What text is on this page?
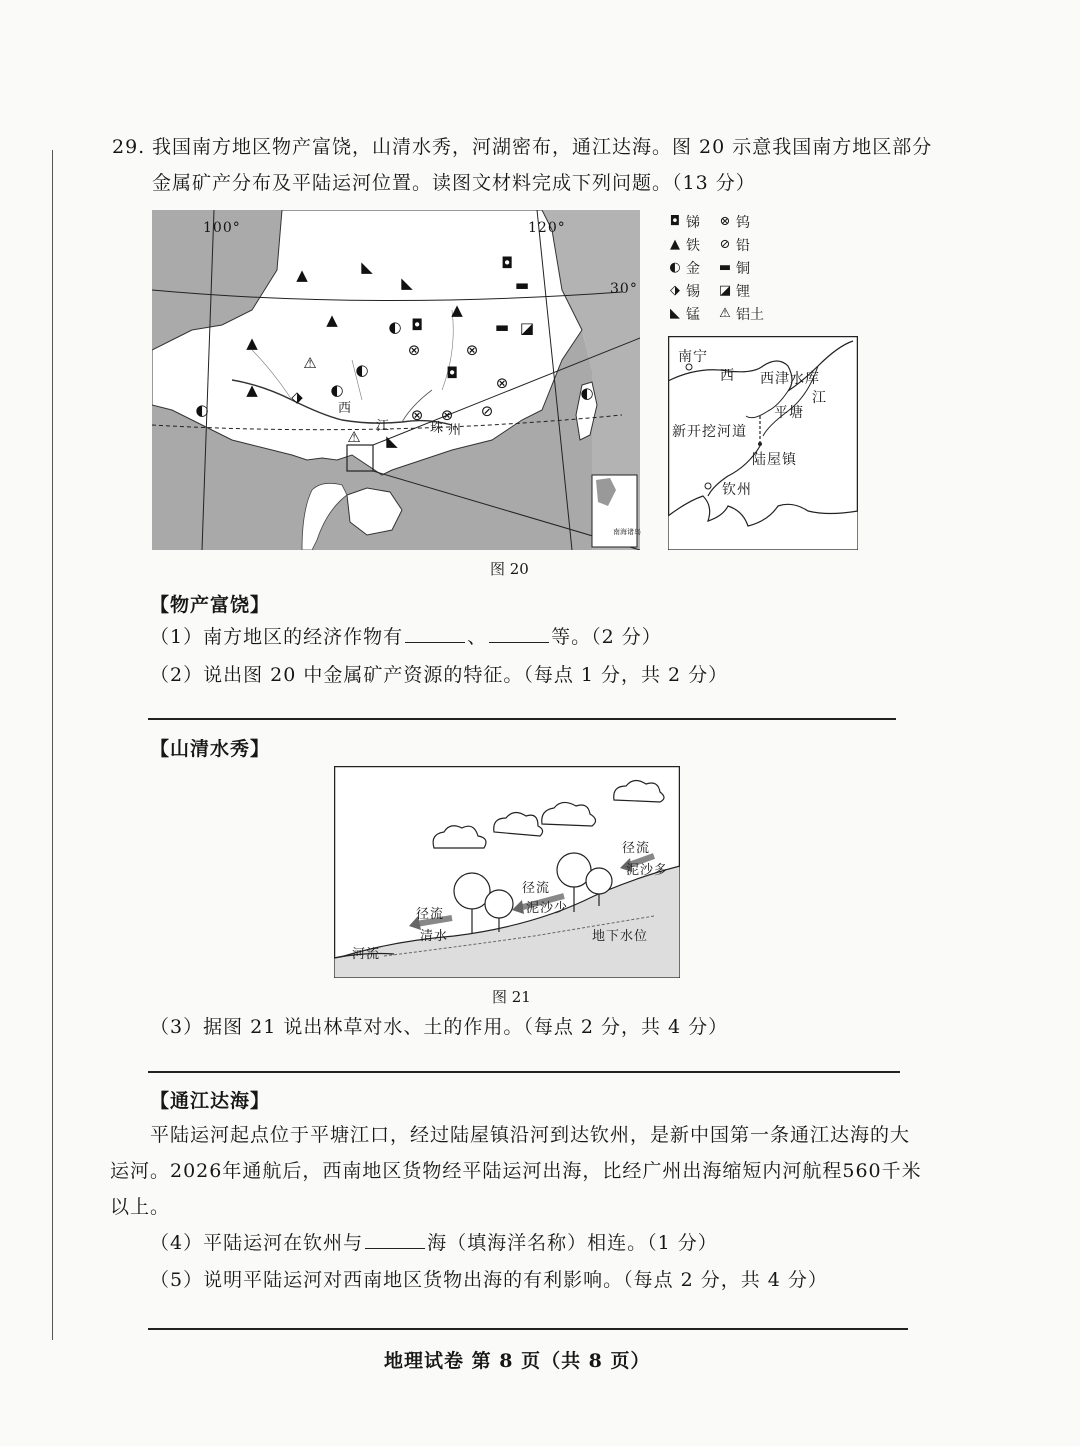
29. 我国南方地区物产富饶，山清水秀，河湖密布，通江达海。图 20 示意我国南方地区部分
金属矿产分布及平陆运河位置。读图文材料完成下列问题。（13 分）
▲	◣
◣
◘
▬
▲
▲	◐ ◘	▬ ◪
⊗	⊗
▲
⚠	◐	◘
⊗
▲	◐
⬗
◐	⊗ ⊗ ⊘
◐
⚠ ◣
100°	120°
30°
西
江	珠 州
南海诸岛
◘ 锑 ⊗ 钨
▲ 铁 ⊘ 铅
◐ 金 ▬ 铜
⬗ 锡 ◪ 锂
◣ 锰 ⚠ 铝土
南宁
西 西津水库
江
平塘
新开挖河道
陆屋镇
钦州
图 20
【物产富饶】
（1）南方地区的经济作物有	、	等。（2 分）
（2）说出图 20 中金属矿产资源的特征。（每点 1 分，共 2 分）
【山清水秀】
径流
泥沙多
径流
泥沙少
径流
清水
河流
地下水位
图 21
（3）据图 21 说出林草对水、土的作用。（每点 2 分，共 4 分）
【通江达海】
平陆运河起点位于平塘江口，经过陆屋镇沿河到达钦州，是新中国第一条通江达海的大
运河。2026年通航后，西南地区货物经平陆运河出海，比经广州出海缩短内河航程560千米
以上。
（4）平陆运河在钦州与	海（填海洋名称）相连。（1 分）
（5）说明平陆运河对西南地区货物出海的有利影响。（每点 2 分，共 4 分）
地理试卷 第 8 页（共 8 页）
